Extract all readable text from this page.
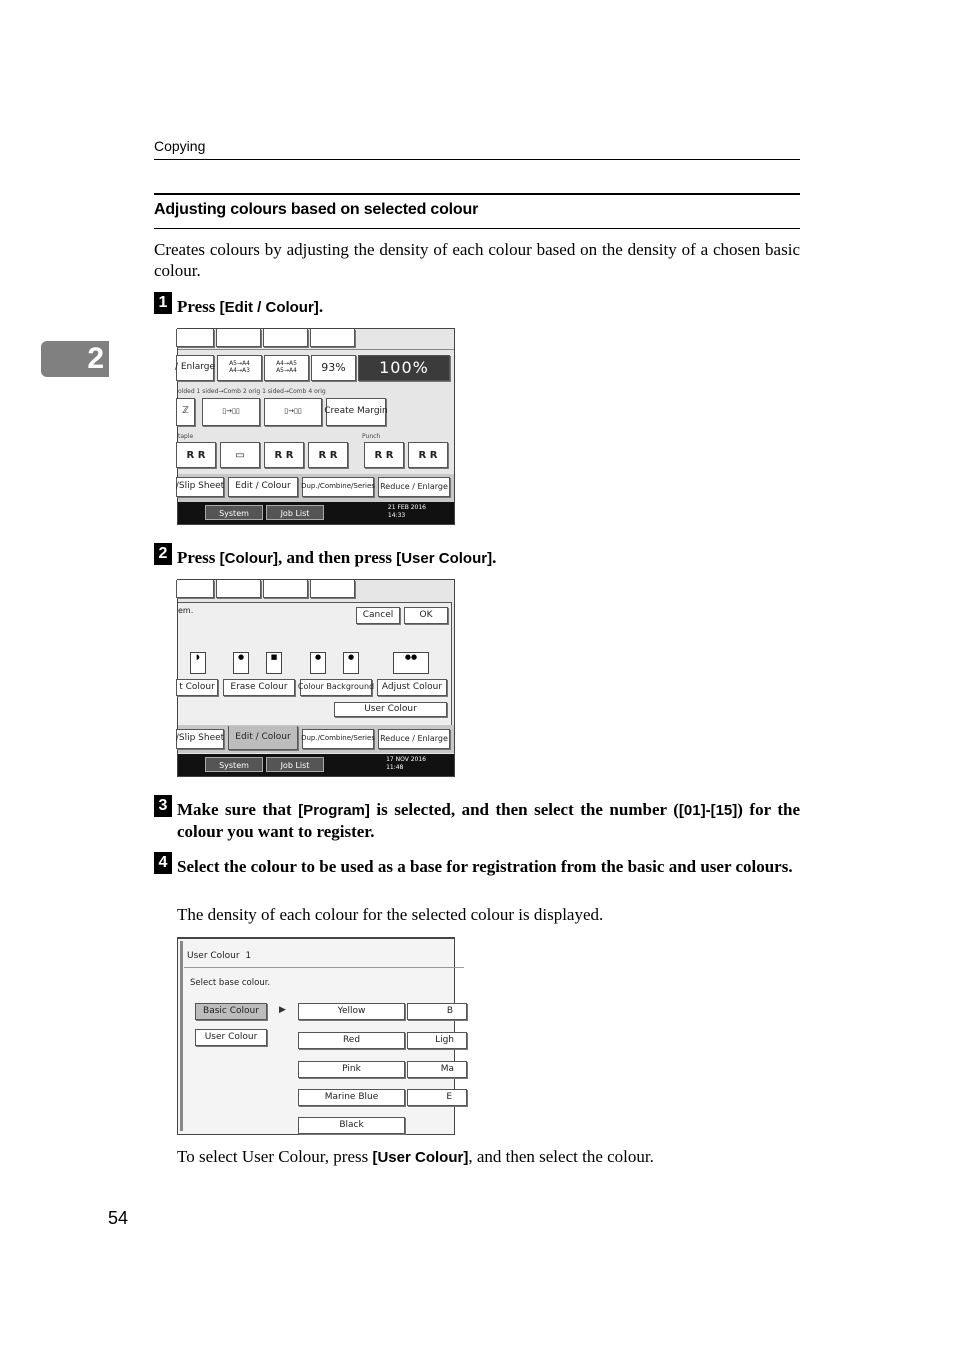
Copying
2
Adjusting colours based on selected colour
Creates colours by adjusting the density of each colour based on the density of a chosen basic colour.
1 Press [Edit / Colour].
/ Enlarge	A5→A4
A4→A3
A4→A5
A5→A4	93%	100%
olded 1 sided→Comb 2 orig 1 sided→Comb 4 orig
ℤ	▯→▯▯	▯→▯▯	Create Margin
taple	Punch
R R	▭	R R	R R	R R	R R
/Slip Sheet	Edit / Colour	Dup./Combine/Series Reduce / Enlarge
System Status
Job List
21 FEB 2016
14:33
2 Press [Colour], and then press [User Colour].
em.	Cancel	OK
◗	●	■	●	●	●●
t Colour	Erase Colour	Colour Background Adjust Colour
User Colour
/Slip Sheet	Edit / Colour	Dup./Combine/Series Reduce / Enlarge
System Status
Job List
17 NOV 2016
11:48
3 Make sure that [Program] is selected, and then select the number ([01]-[15]) for the colour you want to register.
4 Select the colour to be used as a base for registration from the basic and user colours.
The density of each colour for the selected colour is displayed.
User Colour 1
Select base colour.
Basic Colour
User Colour
▶	Yellow
Red
Pink
Marine Blue
Black
B
Ligh
Ma
E
To select User Colour, press [User Colour], and then select the colour.
54
